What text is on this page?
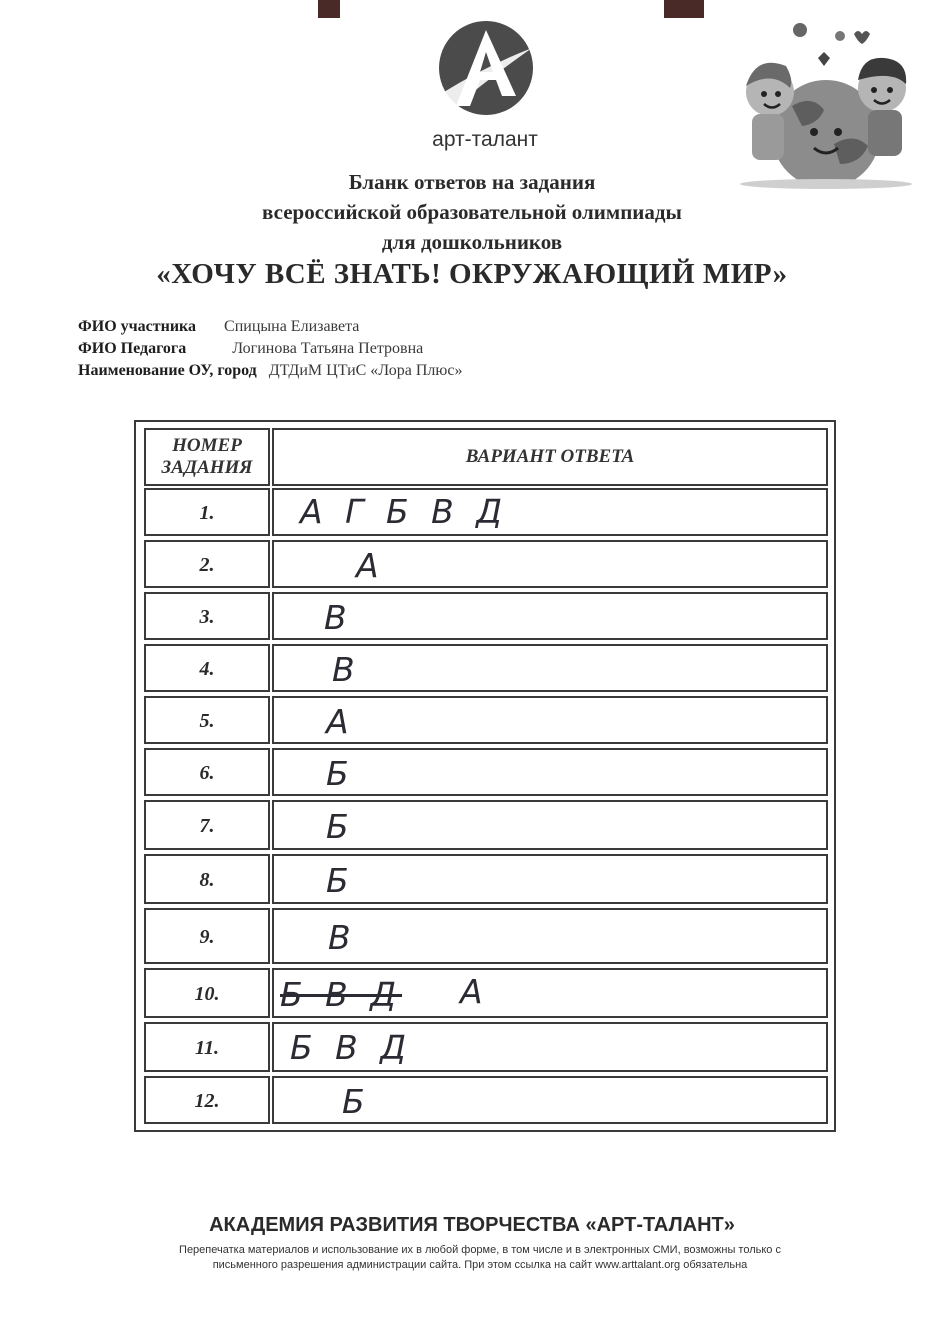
арт-талант
Бланк ответов на задания
всероссийской образовательной олимпиады
для дошкольников
«ХОЧУ ВСЁ ЗНАТЬ! ОКРУЖАЮЩИЙ МИР»
ФИО участника Спицына Елизавета
ФИО Педагога	Логинова Татьяна Петровна
Наименование ОУ, город ДТДиМ ЦТиС «Лора Плюс»
НОМЕР
ЗАДАНИЯ
ВАРИАНТ ОТВЕТА
1.	А Г Б В Д
2.	А
3.	В
4.	В
5.	А
6.	Б
7.	Б
8.	Б
9.	В
10.	Б В Д А
11.	Б В Д
12.	Б
АКАДЕМИЯ РАЗВИТИЯ ТВОРЧЕСТВА «АРТ-ТАЛАНТ»
Перепечатка материалов и использование их в любой форме, в том числе и в электронных СМИ, возможны только с
письменного разрешения администрации сайта. При этом ссылка на сайт www.arttalant.org обязательна
